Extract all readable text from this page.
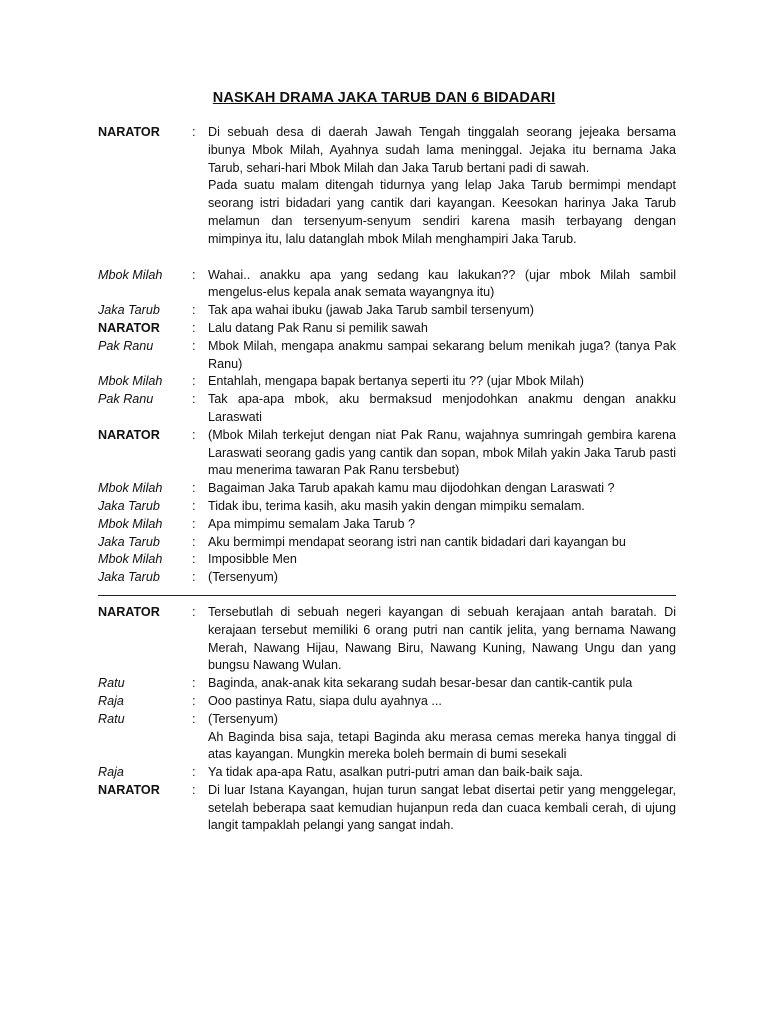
NASKAH DRAMA JAKA TARUB DAN 6 BIDADARI
NARATOR	: Di sebuah desa di daerah Jawah Tengah tinggalah seorang jejeaka bersama ibunya Mbok Milah, Ayahnya sudah lama meninggal. Jejaka itu bernama Jaka Tarub, sehari-hari Mbok Milah dan Jaka Tarub bertani padi di sawah.

Pada suatu malam ditengah tidurnya yang lelap Jaka Tarub bermimpi mendapt seorang istri bidadari yang cantik dari kayangan. Keesokan harinya Jaka Tarub melamun dan tersenyum-senyum sendiri karena masih terbayang dengan mimpinya itu, lalu datanglah mbok Milah menghampiri Jaka Tarub.

Mbok Milah	: Wahai.. anakku apa yang sedang kau lakukan?? (ujar mbok Milah sambil mengelus-elus kepala anak semata wayangnya itu)

Jaka Tarub	: Tak apa wahai ibuku (jawab Jaka Tarub sambil tersenyum)

NARATOR	: Lalu datang Pak Ranu si pemilik sawah

Pak Ranu	: Mbok Milah, mengapa anakmu sampai sekarang belum menikah juga? (tanya Pak Ranu)

Mbok Milah	: Entahlah, mengapa bapak bertanya seperti itu ?? (ujar Mbok Milah)

Pak Ranu	: Tak apa-apa mbok, aku bermaksud menjodohkan anakmu dengan anakku Laraswati

NARATOR	: (Mbok Milah terkejut dengan niat Pak Ranu, wajahnya sumringah gembira karena Laraswati seorang gadis yang cantik dan sopan, mbok Milah yakin Jaka Tarub pasti mau menerima tawaran Pak Ranu tersbebut)

Mbok Milah	: Bagaiman Jaka Tarub apakah kamu mau dijodohkan dengan Laraswati ?

Jaka Tarub	: Tidak ibu, terima kasih, aku masih yakin dengan mimpiku semalam.

Mbok Milah	: Apa mimpimu semalam Jaka Tarub ?

Jaka Tarub	: Aku bermimpi mendapat seorang istri nan cantik bidadari dari kayangan bu

Mbok Milah	: Imposibble Men

Jaka Tarub	: (Tersenyum)

NARATOR	: Tersebutlah di sebuah negeri kayangan di sebuah kerajaan antah baratah. Di kerajaan tersebut memiliki 6 orang putri nan cantik jelita, yang bernama Nawang Merah, Nawang Hijau, Nawang Biru, Nawang Kuning, Nawang Ungu dan yang bungsu Nawang Wulan.

Ratu	: Baginda, anak-anak kita sekarang sudah besar-besar dan cantik-cantik pula

Raja	: Ooo pastinya Ratu, siapa dulu ayahnya ...

Ratu	: (Tersenyum)

Ah Baginda bisa saja, tetapi Baginda aku merasa cemas mereka hanya tinggal di atas kayangan. Mungkin mereka boleh bermain di bumi sesekali

Raja	: Ya tidak apa-apa Ratu, asalkan putri-putri aman dan baik-baik saja.

NARATOR	: Di luar Istana Kayangan, hujan turun sangat lebat disertai petir yang menggelegar, setelah beberapa saat kemudian hujanpun reda dan cuaca kembali cerah, di ujung langit tampaklah pelangi yang sangat indah.
